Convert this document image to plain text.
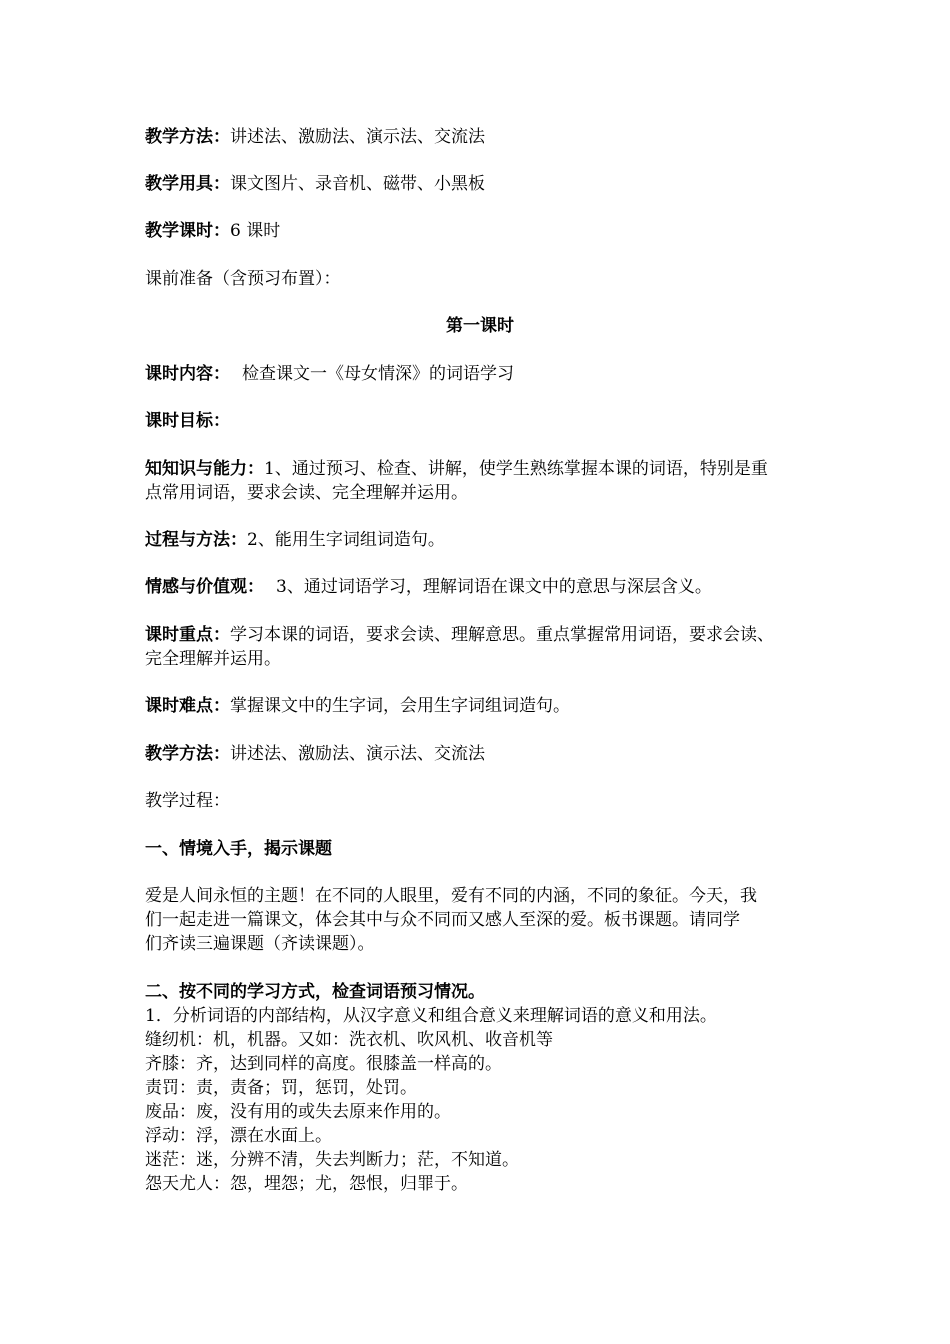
教学方法：讲述法、激励法、演示法、交流法
教学用具：课文图片、录音机、磁带、小黑板
教学课时：6 课时
课前准备（含预习布置）：
第一课时
课时内容： 检查课文一《母女情深》的词语学习
课时目标：
知知识与能力：1、通过预习、检查、讲解，使学生熟练掌握本课的词语，特别是重
点常用词语，要求会读、完全理解并运用。
过程与方法：2、能用生字词组词造句。
情感与价值观： 3、通过词语学习，理解词语在课文中的意思与深层含义。
课时重点：学习本课的词语，要求会读、理解意思。重点掌握常用词语，要求会读、
完全理解并运用。
课时难点：掌握课文中的生字词，会用生字词组词造句。
教学方法：讲述法、激励法、演示法、交流法
教学过程：
一、情境入手，揭示课题
爱是人间永恒的主题！在不同的人眼里，爱有不同的内涵，不同的象征。今天，我
们一起走进一篇课文，体会其中与众不同而又感人至深的爱。板书课题。请同学
们齐读三遍课题（齐读课题）。
二、按不同的学习方式，检查词语预习情况。
1．分析词语的内部结构，从汉字意义和组合意义来理解词语的意义和用法。
缝纫机：机，机器。又如：洗衣机、吹风机、收音机等
齐膝：齐，达到同样的高度。很膝盖一样高的。
责罚：责，责备；罚，惩罚，处罚。
废品：废，没有用的或失去原来作用的。
浮动：浮，漂在水面上。
迷茫：迷，分辨不清，失去判断力；茫，不知道。
怨天尤人：怨，埋怨；尤，怨恨，归罪于。
